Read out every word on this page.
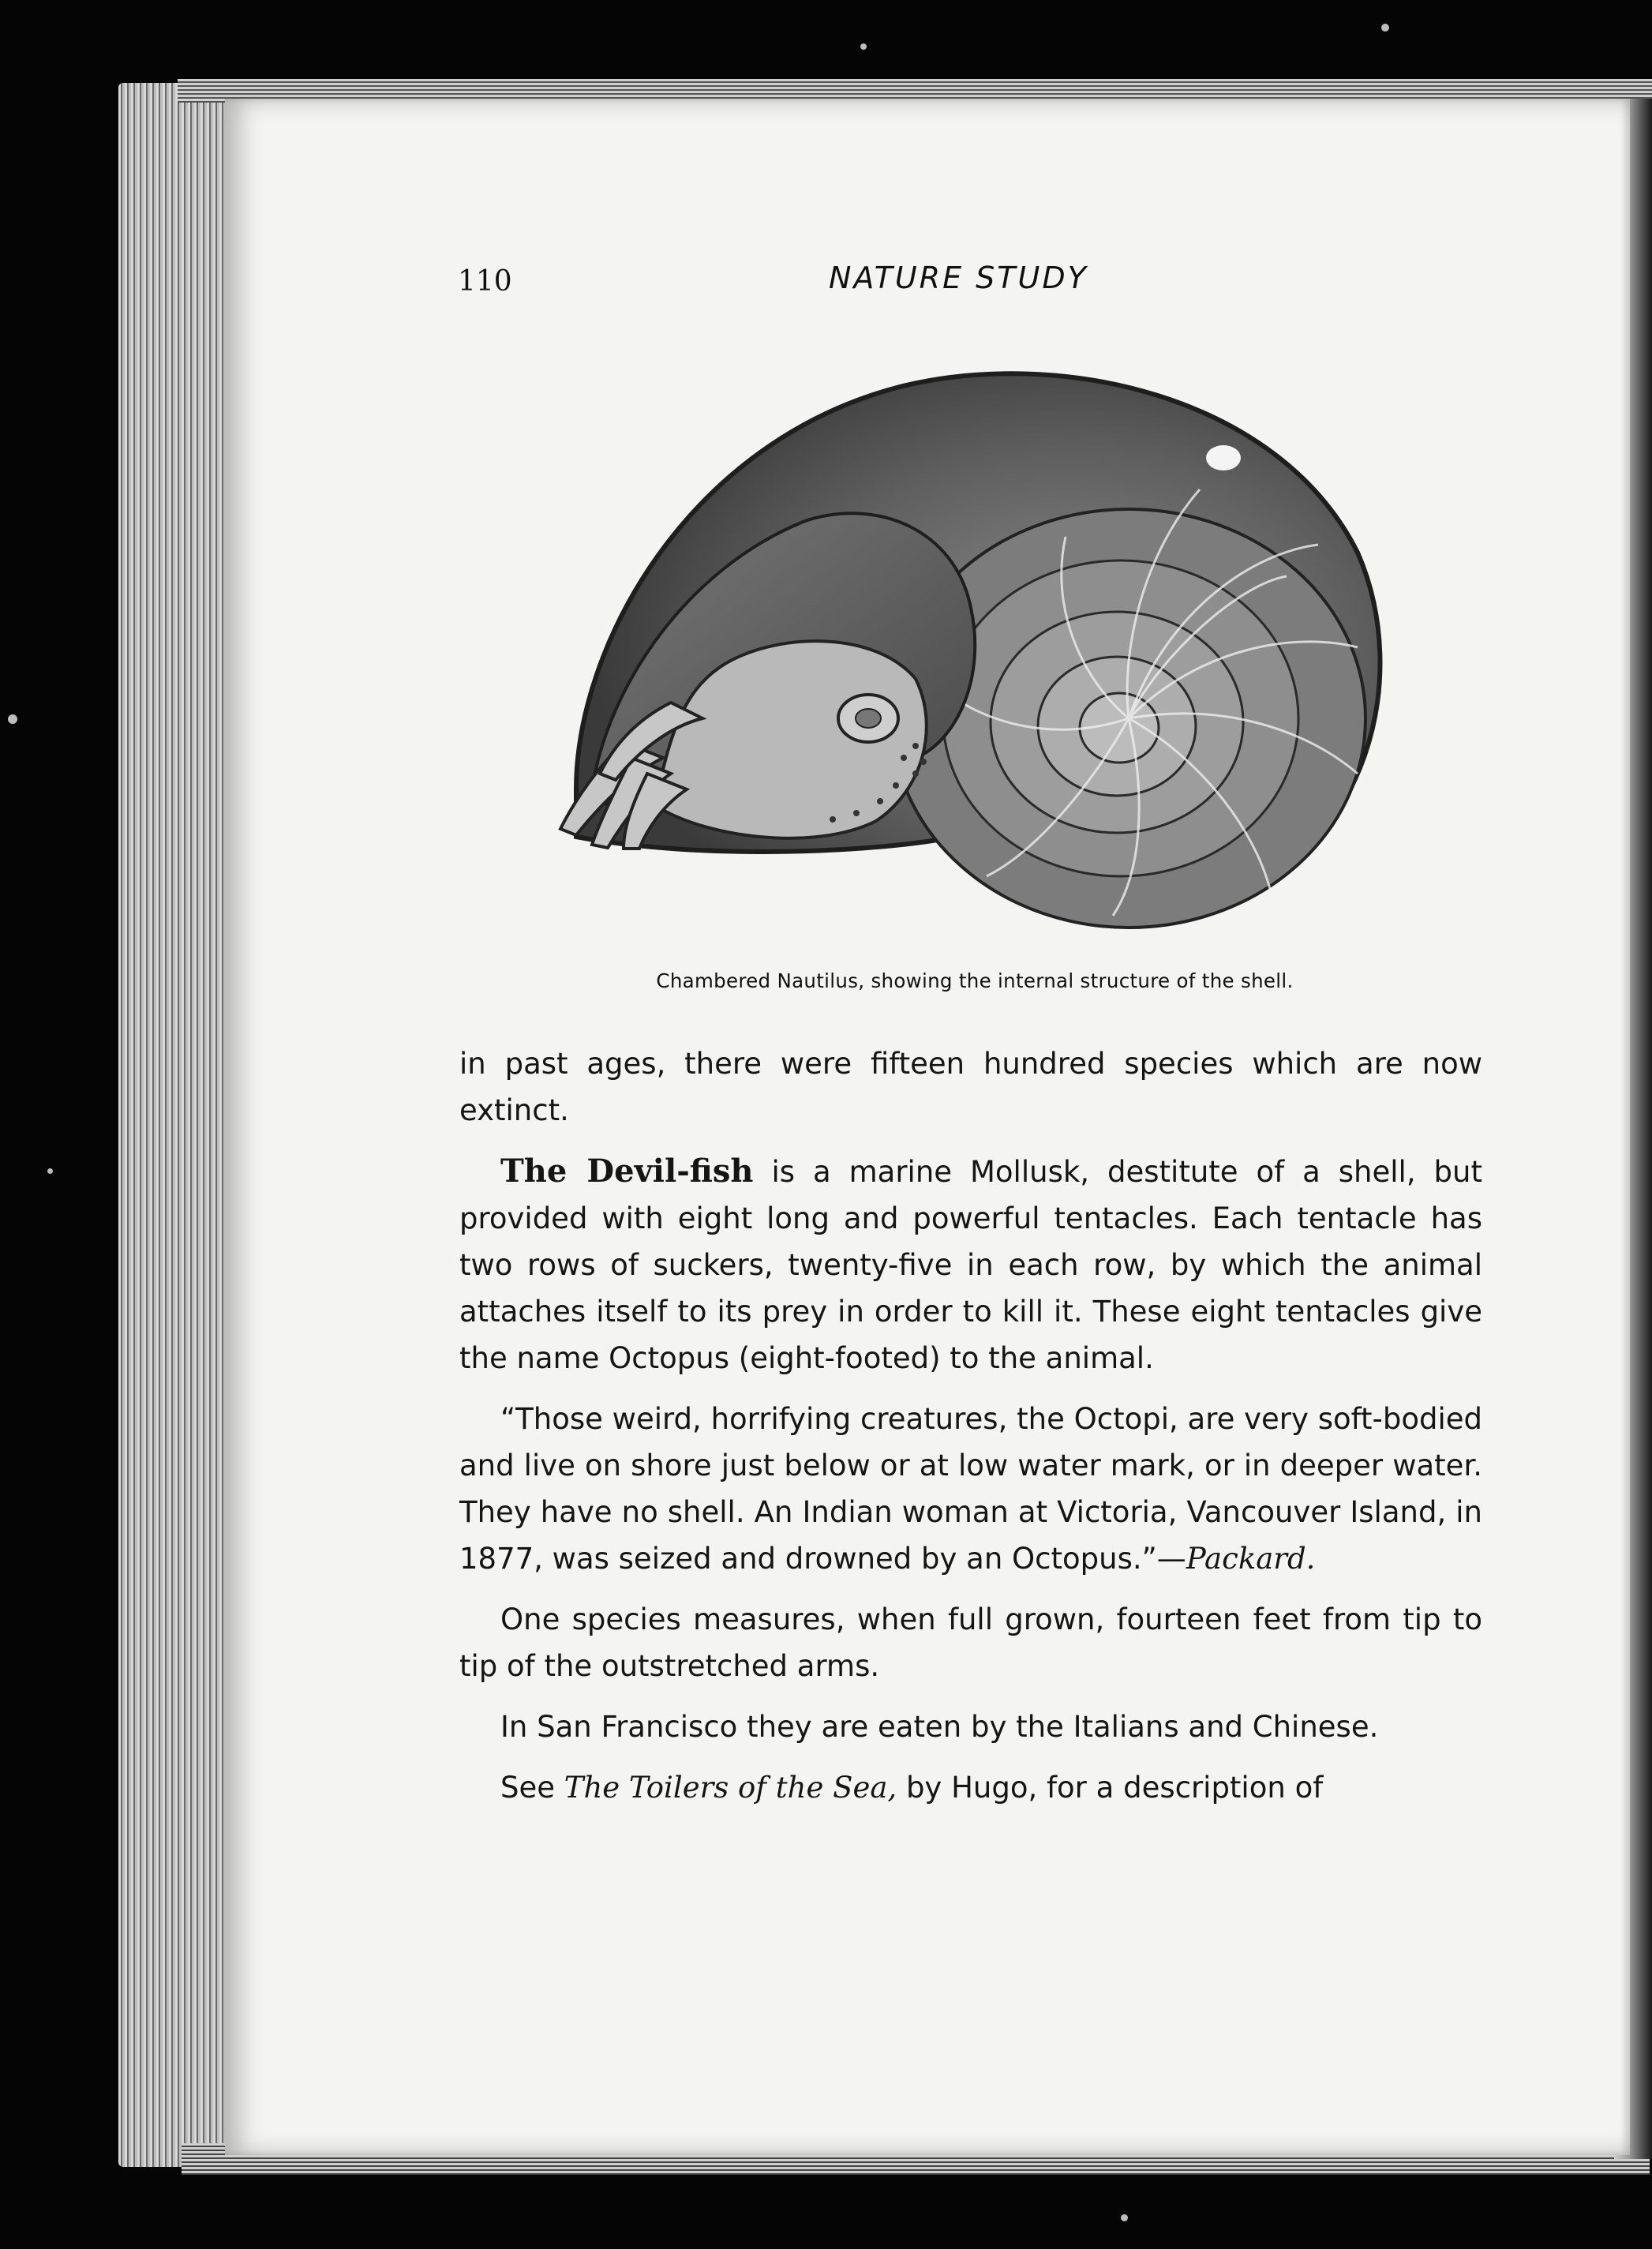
110	NATURE STUDY
Chambered Nautilus, showing the internal structure of the shell.

in past ages, there were fifteen hundred species which are now extinct.

The Devil-fish is a marine Mollusk, destitute of a shell, but provided with eight long and powerful tentacles. Each tentacle has two rows of suckers, twenty-five in each row, by which the animal attaches itself to its prey in order to kill it. These eight tentacles give the name Octopus (eight-footed) to the animal.

“Those weird, horrifying creatures, the Octopi, are very soft-bodied and live on shore just below or at low water mark, or in deeper water. They have no shell. An Indian woman at Victoria, Vancouver Island, in 1877, was seized and drowned by an Octopus.”—Packard.

One species measures, when full grown, fourteen feet from tip to tip of the outstretched arms.

In San Francisco they are eaten by the Italians and Chinese.

See The Toilers of the Sea, by Hugo, for a description of
